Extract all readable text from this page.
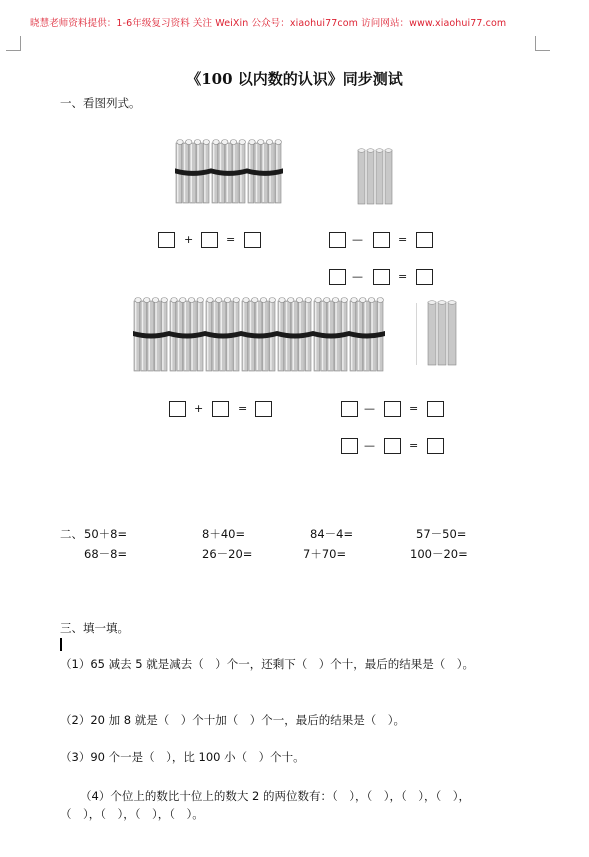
晓慧老师资料提供：1-6年级复习资料 关注 WeiXin 公众号：xiaohui77com 访问网站：www.xiaohui77.com
《100 以内数的认识》同步测试
一、看图列式。
+	=	—	=
—	=
+	=	—	=
—	=
二、 50＋8=	8＋40=	84－4=	57－50=
68－8=	26－20=	7＋70=	100－20=
三、填一填。
（1）65 减去 5 就是减去（　）个一，还剩下（　）个十，最后的结果是（　）。
（2）20 加 8 就是（　）个十加（　）个一，最后的结果是（　）。
（3）90 个一是（　），比 100 小（　）个十。
（4）个位上的数比十位上的数大 2 的两位数有：（　），（　），（　），（　），
（　），（　），（　），（　）。
